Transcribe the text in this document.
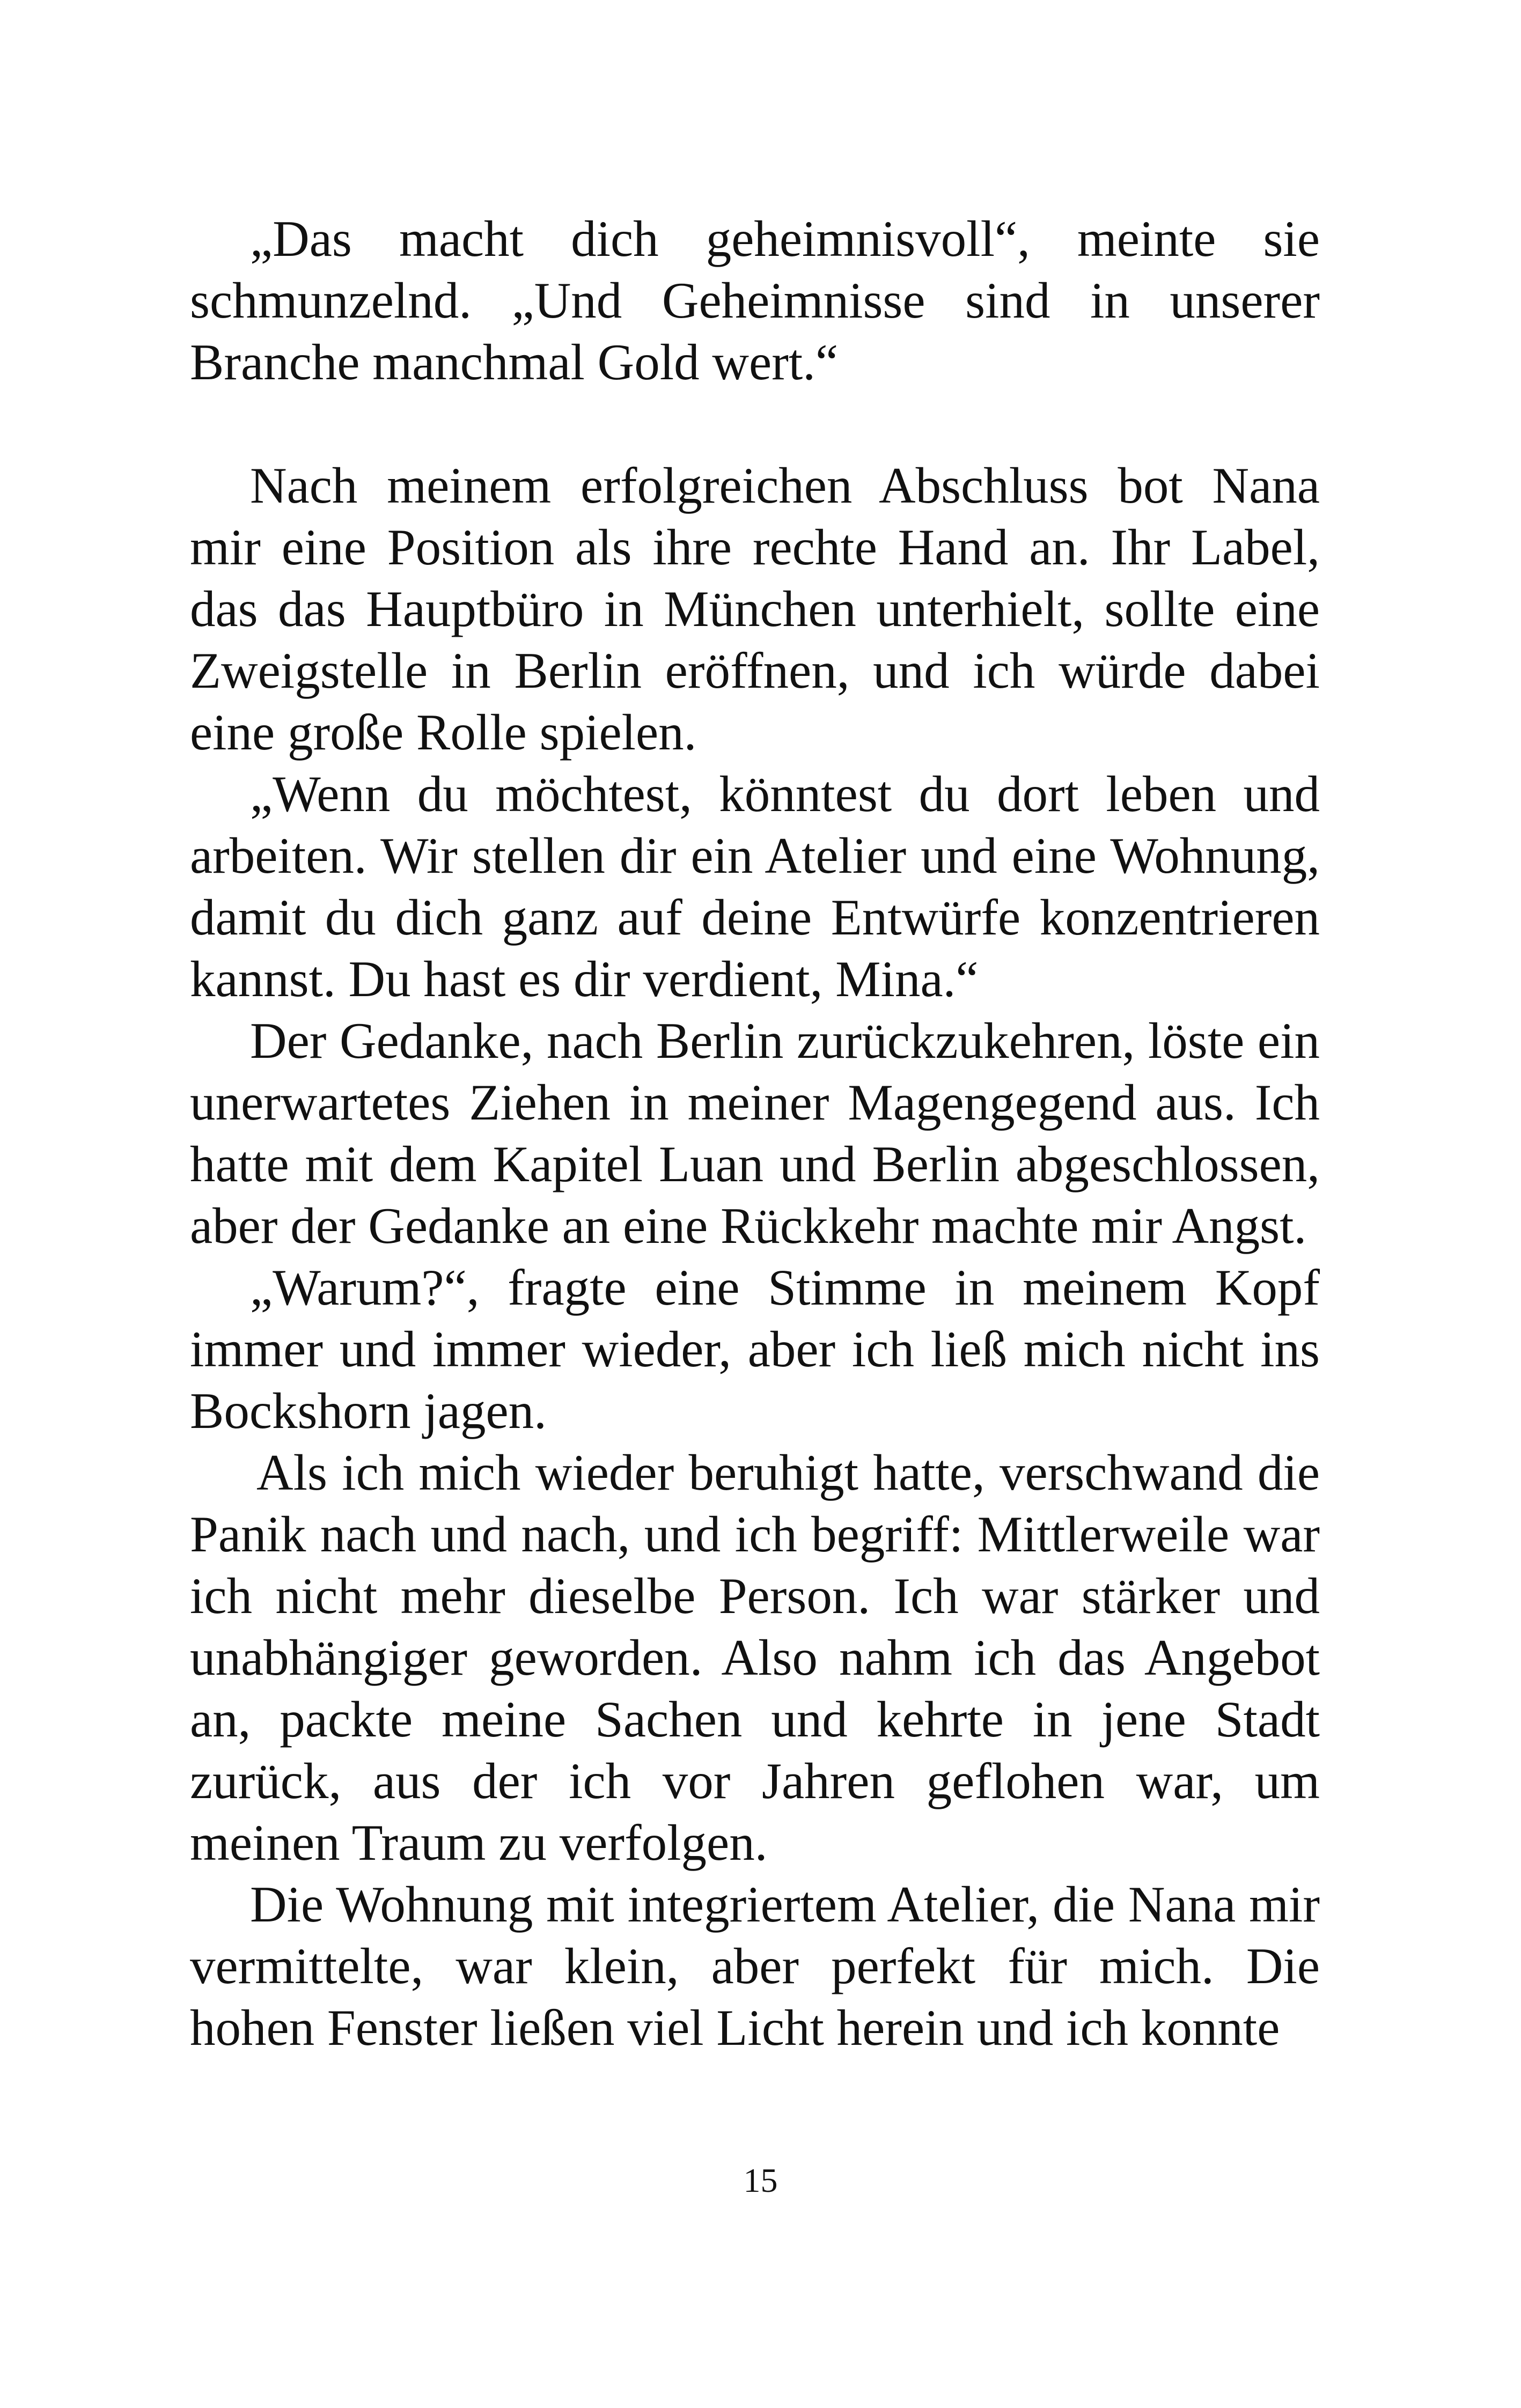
„Das macht dich geheimnisvoll“, meinte sie schmunzelnd. „Und Geheimnisse sind in unserer Branche manchmal Gold wert.“

Nach meinem erfolgreichen Abschluss bot Nana mir eine Position als ihre rechte Hand an. Ihr Label, das das Hauptbüro in München unterhielt, sollte eine Zweigstelle in Berlin eröffnen, und ich würde dabei eine große Rolle spielen.

„Wenn du möchtest, könntest du dort leben und arbeiten. Wir stellen dir ein Atelier und eine Wohnung, damit du dich ganz auf deine Entwürfe konzentrieren kannst. Du hast es dir verdient, Mina.“

Der Gedanke, nach Berlin zurückzukehren, löste ein unerwartetes Ziehen in meiner Magengegend aus. Ich hatte mit dem Kapitel Luan und Berlin abgeschlossen, aber der Gedanke an eine Rückkehr machte mir Angst.

„Warum?“, fragte eine Stimme in meinem Kopf immer und immer wieder, aber ich ließ mich nicht ins Bockshorn jagen.

Als ich mich wieder beruhigt hatte, verschwand die Panik nach und nach, und ich begriff: Mittlerweile war ich nicht mehr dieselbe Person. Ich war stärker und unabhängiger geworden. Also nahm ich das Angebot an, packte meine Sachen und kehrte in jene Stadt zurück, aus der ich vor Jahren geflohen war, um meinen Traum zu verfolgen.

Die Wohnung mit integriertem Atelier, die Nana mir vermittelte, war klein, aber perfekt für mich. Die hohen Fenster ließen viel Licht herein und ich konnte

15
